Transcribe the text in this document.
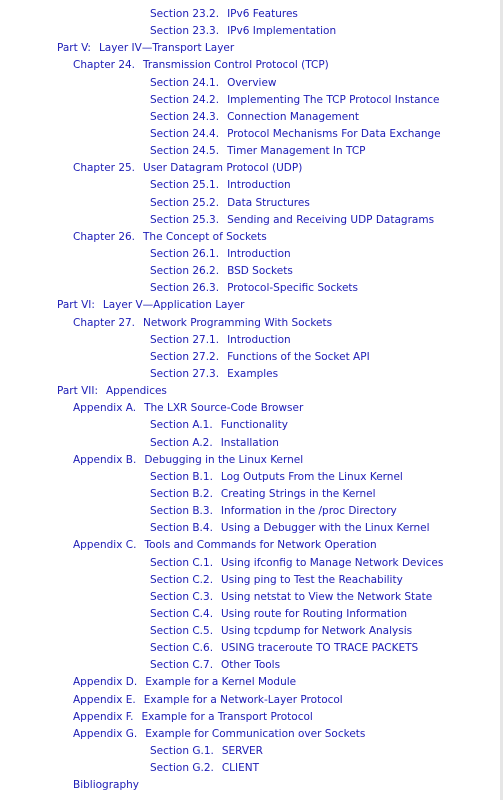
Section 23.2. IPv6 Features
Section 23.3. IPv6 Implementation
Part V: Layer IV—Transport Layer
Chapter 24. Transmission Control Protocol (TCP)
Section 24.1. Overview
Section 24.2. Implementing The TCP Protocol Instance
Section 24.3. Connection Management
Section 24.4. Protocol Mechanisms For Data Exchange
Section 24.5. Timer Management In TCP
Chapter 25. User Datagram Protocol (UDP)
Section 25.1. Introduction
Section 25.2. Data Structures
Section 25.3. Sending and Receiving UDP Datagrams
Chapter 26. The Concept of Sockets
Section 26.1. Introduction
Section 26.2. BSD Sockets
Section 26.3. Protocol-Specific Sockets
Part VI: Layer V—Application Layer
Chapter 27. Network Programming With Sockets
Section 27.1. Introduction
Section 27.2. Functions of the Socket API
Section 27.3. Examples
Part VII: Appendices
Appendix A. The LXR Source-Code Browser
Section A.1. Functionality
Section A.2. Installation
Appendix B. Debugging in the Linux Kernel
Section B.1. Log Outputs From the Linux Kernel
Section B.2. Creating Strings in the Kernel
Section B.3. Information in the /proc Directory
Section B.4. Using a Debugger with the Linux Kernel
Appendix C. Tools and Commands for Network Operation
Section C.1. Using ifconfig to Manage Network Devices
Section C.2. Using ping to Test the Reachability
Section C.3. Using netstat to View the Network State
Section C.4. Using route for Routing Information
Section C.5. Using tcpdump for Network Analysis
Section C.6. USING traceroute TO TRACE PACKETS
Section C.7. Other Tools
Appendix D. Example for a Kernel Module
Appendix E. Example for a Network-Layer Protocol
Appendix F. Example for a Transport Protocol
Appendix G. Example for Communication over Sockets
Section G.1. SERVER
Section G.2. CLIENT
Bibliography
